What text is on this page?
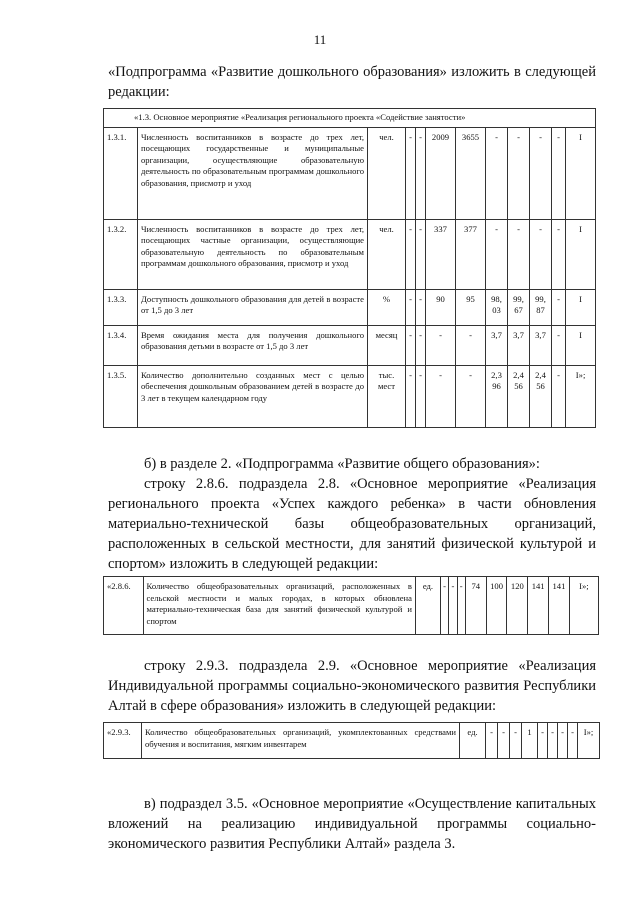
11
«Подпрограмма «Развитие дошкольного образования» изложить в следующей редакции:
«1.3. Основное мероприятие «Реализация регионального проекта «Содействие занятости»											
1.3.1.	Численность воспитанников в возрасте до трех лет, посещающих государственные и муниципальные организации, осуществляющие образовательную деятельность по образовательным программам дошкольного образования, присмотр и уход	чел.	-	-	2009	3655	-	-	-	-	I
1.3.2.	Численность воспитанников в возрасте до трех лет, посещающих частные организации, осуществляющие образовательную деятельность по образовательным программам дошкольного образования, присмотр и уход	чел.	-	-	337	377	-	-	-	-	I
1.3.3.	Доступность дошкольного образования для детей в возрасте от 1,5 до 3 лет	%	-	-	90	95	98, 03	99, 67	99, 87	-	I
1.3.4.	Время ожидания места для получения дошкольного образования детьми в возрасте от 1,5 до 3 лет	месяц	-	-	-	-	3,7	3,7	3,7	-	I
1.3.5.	Количество дополнительно созданных мест с целью обеспечения дошкольным образованием детей в возрасте до 3 лет в текущем календарном году	тыс. мест	-	-	-	-	2,3 96	2,4 56	2,4 56	-	I»;
б) в разделе 2. «Подпрограмма «Развитие общего образования»:
строку 2.8.6. подраздела 2.8. «Основное мероприятие «Реализация регионального проекта «Успех каждого ребенка» в части обновления материально-технической базы общеобразовательных организаций, расположенных в сельской местности, для занятий физической культурой и спортом» изложить в следующей редакции:
«2.8.6.	Количество общеобразовательных организаций, расположенных в сельской местности и малых городах, в которых обновлена материально-техническая база для занятий физической культурой и спортом	ед.	-	-	-	74	100	120	141	141	I»;
строку 2.9.3. подраздела 2.9. «Основное мероприятие «Реализация Индивидуальной программы социально-экономического развития Республики Алтай в сфере образования» изложить в следующей редакции:
«2.9.3.	Количество общеобразовательных организаций, укомплектованных средствами обучения и воспитания, мягким инвентарем	ед.	-	-	-	1	-	-	-	-	I»;
в) подраздел 3.5. «Основное мероприятие «Осуществление капитальных вложений на реализацию индивидуальной программы социально-экономического развития Республики Алтай» раздела 3.
